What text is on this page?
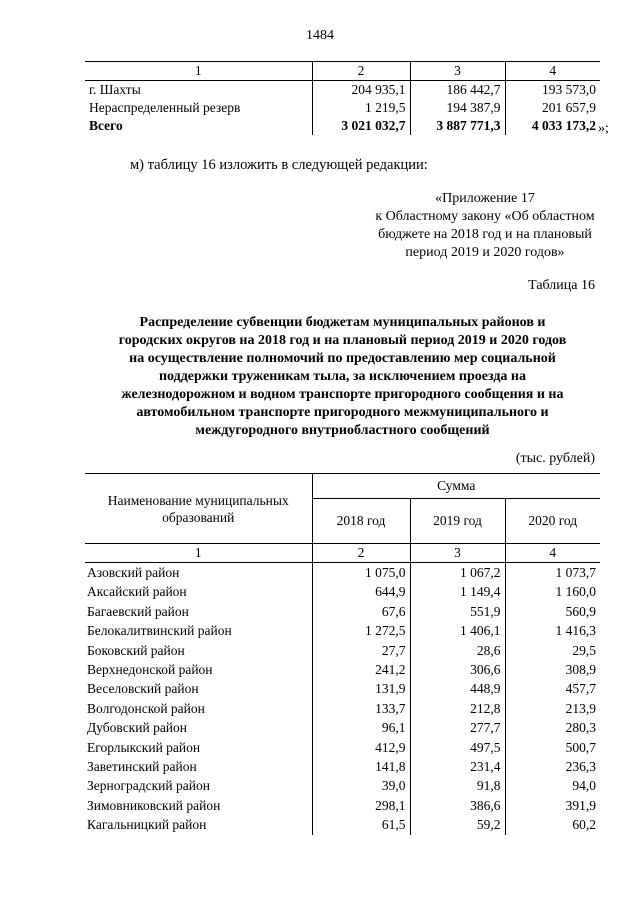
1484
1	2	3	4
г. Шахты	204 935,1	186 442,7	193 573,0
Нераспределенный резерв	1 219,5	194 387,9	201 657,9
Всего	3 021 032,7	3 887 771,3	4 033 173,2 »;
м) таблицу 16 изложить в следующей редакции:
«Приложение 17
к Областному закону «Об областном
бюджете на 2018 год и на плановый
период 2019 и 2020 годов»
Таблица 16
Распределение субвенции бюджетам муниципальных районов и
городских округов на 2018 год и на плановый период 2019 и 2020 годов
на осуществление полномочий по предоставлению мер социальной
поддержки труженикам тыла, за исключением проезда на
железнодорожном и водном транспорте пригородного сообщения и на
автомобильном транспорте пригородного межмуниципального и
междугородного внутриобластного сообщений
(тыс. рублей)
Наименование муниципальных образований	Сумма		
	2018 год	2019 год	2020 год
1	2	3	4
Азовский район	1 075,0	1 067,2	1 073,7
Аксайский район	644,9	1 149,4	1 160,0
Багаевский район	67,6	551,9	560,9
Белокалитвинский район	1 272,5	1 406,1	1 416,3
Боковский район	27,7	28,6	29,5
Верхнедонской район	241,2	306,6	308,9
Веселовский район	131,9	448,9	457,7
Волгодонской район	133,7	212,8	213,9
Дубовский район	96,1	277,7	280,3
Егорлыкский район	412,9	497,5	500,7
Заветинский район	141,8	231,4	236,3
Зерноградский район	39,0	91,8	94,0
Зимовниковский район	298,1	386,6	391,9
Кагальницкий район	61,5	59,2	60,2
